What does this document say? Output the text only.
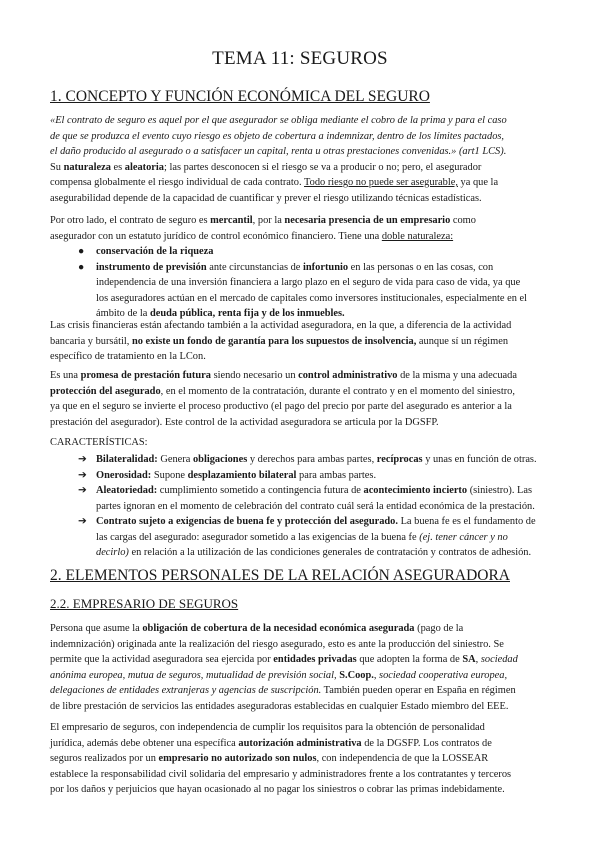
TEMA 11: SEGUROS
1. CONCEPTO Y FUNCIÓN ECONÓMICA DEL SEGURO
«El contrato de seguro es aquel por el que asegurador se obliga mediante el cobro de la prima y para el caso
de que se produzca el evento cuyo riesgo es objeto de cobertura a indemnizar, dentro de los límites pactados,
el daño producido al asegurado o a satisfacer un capital, renta u otras prestaciones convenidas.» (art1 LCS).
Su naturaleza es aleatoria; las partes desconocen si el riesgo se va a producir o no; pero, el asegurador
compensa globalmente el riesgo individual de cada contrato. Todo riesgo no puede ser asegurable, ya que la
asegurabilidad depende de la capacidad de cuantificar y prever el riesgo utilizando técnicas estadísticas.
Por otro lado, el contrato de seguro es mercantil, por la necesaria presencia de un empresario como
asegurador con un estatuto jurídico de control económico financiero. Tiene una doble naturaleza:
● conservación de la riqueza
● instrumento de previsión ante circunstancias de infortunio en las personas o en las cosas, con
independencia de una inversión financiera a largo plazo en el seguro de vida para caso de vida, ya que
los aseguradores actúan en el mercado de capitales como inversores institucionales, especialmente en el
ámbito de la deuda pública, renta fija y de los inmuebles.
Las crisis financieras están afectando también a la actividad aseguradora, en la que, a diferencia de la actividad
bancaria y bursátil, no existe un fondo de garantía para los supuestos de insolvencia, aunque sí un régimen
específico de tratamiento en la LCon.
Es una promesa de prestación futura siendo necesario un control administrativo de la misma y una adecuada
protección del asegurado, en el momento de la contratación, durante el contrato y en el momento del siniestro,
ya que en el seguro se invierte el proceso productivo (el pago del precio por parte del asegurado es anterior a la
prestación del asegurador). Este control de la actividad aseguradora se articula por la DGSFP.
CARACTERÍSTICAS:
➔ Bilateralidad: Genera obligaciones y derechos para ambas partes, recíprocas y unas en función de otras.
➔ Onerosidad: Supone desplazamiento bilateral para ambas partes.
➔ Aleatoriedad: cumplimiento sometido a contingencia futura de acontecimiento incierto (siniestro). Las
partes ignoran en el momento de celebración del contrato cuál será la entidad económica de la prestación.
➔ Contrato sujeto a exigencias de buena fe y protección del asegurado. La buena fe es el fundamento de
las cargas del asegurado: asegurador sometido a las exigencias de la buena fe (ej. tener cáncer y no
decirlo) en relación a la utilización de las condiciones generales de contratación y contratos de adhesión.
2. ELEMENTOS PERSONALES DE LA RELACIÓN ASEGURADORA
2.2. EMPRESARIO DE SEGUROS
Persona que asume la obligación de cobertura de la necesidad económica asegurada (pago de la
indemnización) originada ante la realización del riesgo asegurado, esto es ante la producción del siniestro. Se
permite que la actividad aseguradora sea ejercida por entidades privadas que adopten la forma de SA, sociedad
anónima europea, mutua de seguros, mutualidad de previsión social, S.Coop., sociedad cooperativa europea,
delegaciones de entidades extranjeras y agencias de suscripción. También pueden operar en España en régimen
de libre prestación de servicios las entidades aseguradoras establecidas en cualquier Estado miembro del EEE.
El empresario de seguros, con independencia de cumplir los requisitos para la obtención de personalidad
jurídica, además debe obtener una específica autorización administrativa de la DGSFP. Los contratos de
seguros realizados por un empresario no autorizado son nulos, con independencia de que la LOSSEAR
establece la responsabilidad civil solidaria del empresario y administradores frente a los contratantes y terceros
por los daños y perjuicios que hayan ocasionado al no pagar los siniestros o cobrar las primas indebidamente.
